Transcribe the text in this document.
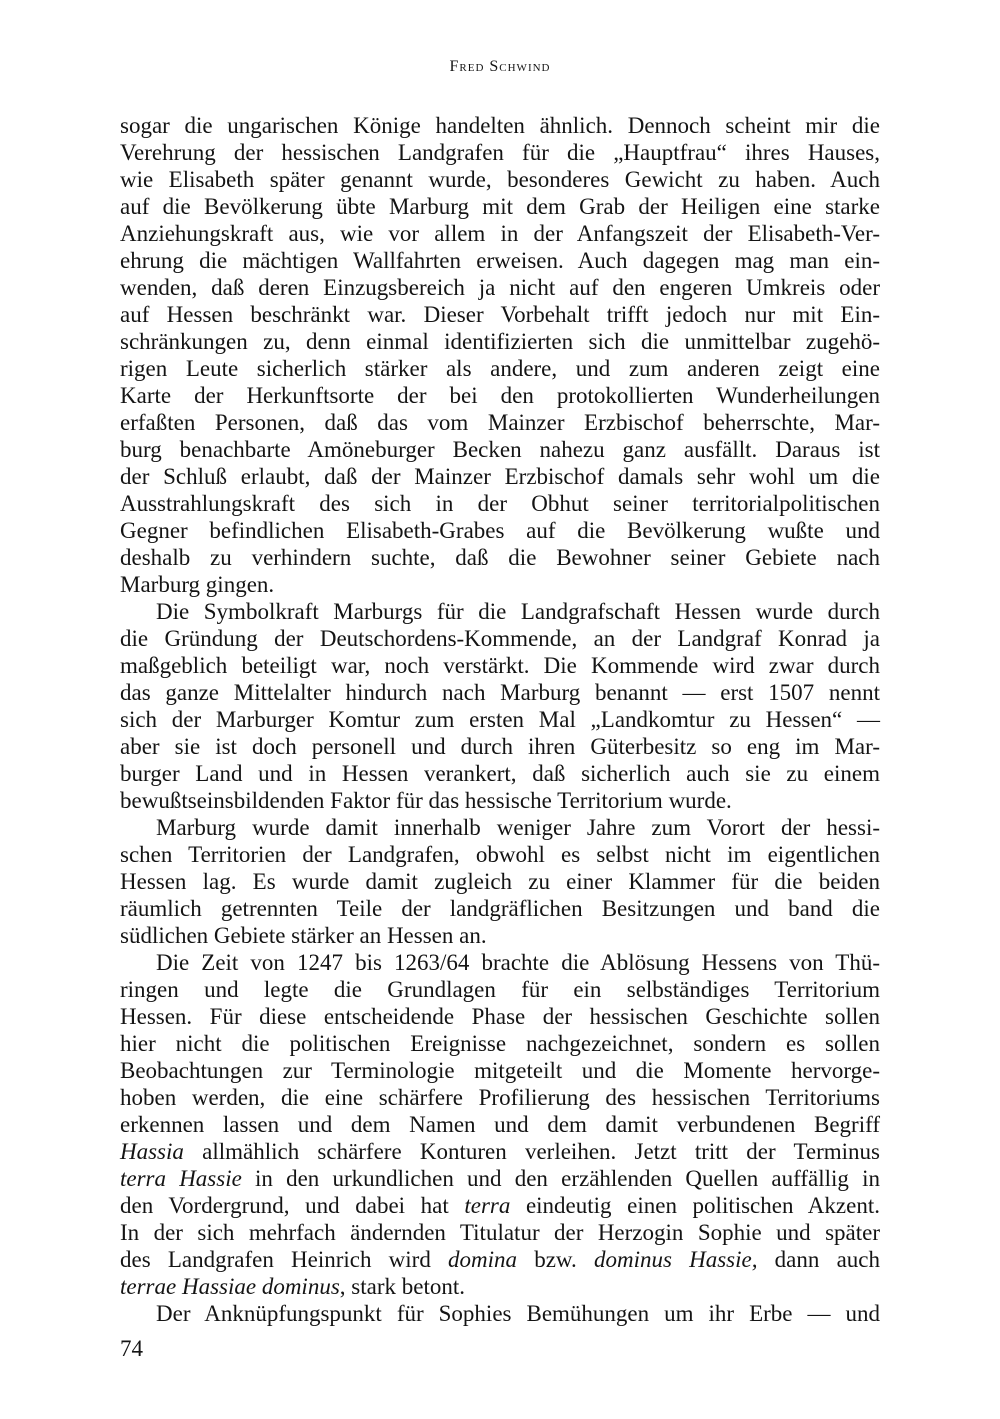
Fred Schwind
sogar die ungarischen Könige handelten ähnlich. Dennoch scheint mir die
Verehrung der hessischen Landgrafen für die „Hauptfrau“ ihres Hauses,
wie Elisabeth später genannt wurde, besonderes Gewicht zu haben. Auch
auf die Bevölkerung übte Marburg mit dem Grab der Heiligen eine starke
Anziehungskraft aus, wie vor allem in der Anfangszeit der Elisabeth-Ver-
ehrung die mächtigen Wallfahrten erweisen. Auch dagegen mag man ein-
wenden, daß deren Einzugsbereich ja nicht auf den engeren Umkreis oder
auf Hessen beschränkt war. Dieser Vorbehalt trifft jedoch nur mit Ein-
schränkungen zu, denn einmal identifizierten sich die unmittelbar zugehö-
rigen Leute sicherlich stärker als andere, und zum anderen zeigt eine
Karte der Herkunftsorte der bei den protokollierten Wunderheilungen
erfaßten Personen, daß das vom Mainzer Erzbischof beherrschte, Mar-
burg benachbarte Amöneburger Becken nahezu ganz ausfällt. Daraus ist
der Schluß erlaubt, daß der Mainzer Erzbischof damals sehr wohl um die
Ausstrahlungskraft des sich in der Obhut seiner territorialpolitischen
Gegner befindlichen Elisabeth-Grabes auf die Bevölkerung wußte und
deshalb zu verhindern suchte, daß die Bewohner seiner Gebiete nach
Marburg gingen.
Die Symbolkraft Marburgs für die Landgrafschaft Hessen wurde durch
die Gründung der Deutschordens-Kommende, an der Landgraf Konrad ja
maßgeblich beteiligt war, noch verstärkt. Die Kommende wird zwar durch
das ganze Mittelalter hindurch nach Marburg benannt — erst 1507 nennt
sich der Marburger Komtur zum ersten Mal „Landkomtur zu Hessen“ —
aber sie ist doch personell und durch ihren Güterbesitz so eng im Mar-
burger Land und in Hessen verankert, daß sicherlich auch sie zu einem
bewußtseinsbildenden Faktor für das hessische Territorium wurde.
Marburg wurde damit innerhalb weniger Jahre zum Vorort der hessi-
schen Territorien der Landgrafen, obwohl es selbst nicht im eigentlichen
Hessen lag. Es wurde damit zugleich zu einer Klammer für die beiden
räumlich getrennten Teile der landgräflichen Besitzungen und band die
südlichen Gebiete stärker an Hessen an.
Die Zeit von 1247 bis 1263/64 brachte die Ablösung Hessens von Thü-
ringen und legte die Grundlagen für ein selbständiges Territorium
Hessen. Für diese entscheidende Phase der hessischen Geschichte sollen
hier nicht die politischen Ereignisse nachgezeichnet, sondern es sollen
Beobachtungen zur Terminologie mitgeteilt und die Momente hervorge-
hoben werden, die eine schärfere Profilierung des hessischen Territoriums
erkennen lassen und dem Namen und dem damit verbundenen Begriff
Hassia allmählich schärfere Konturen verleihen. Jetzt tritt der Terminus
terra Hassie in den urkundlichen und den erzählenden Quellen auffällig in
den Vordergrund, und dabei hat terra eindeutig einen politischen Akzent.
In der sich mehrfach ändernden Titulatur der Herzogin Sophie und später
des Landgrafen Heinrich wird domina bzw. dominus Hassie, dann auch
terrae Hassiae dominus, stark betont.
Der Anknüpfungspunkt für Sophies Bemühungen um ihr Erbe — und
74
